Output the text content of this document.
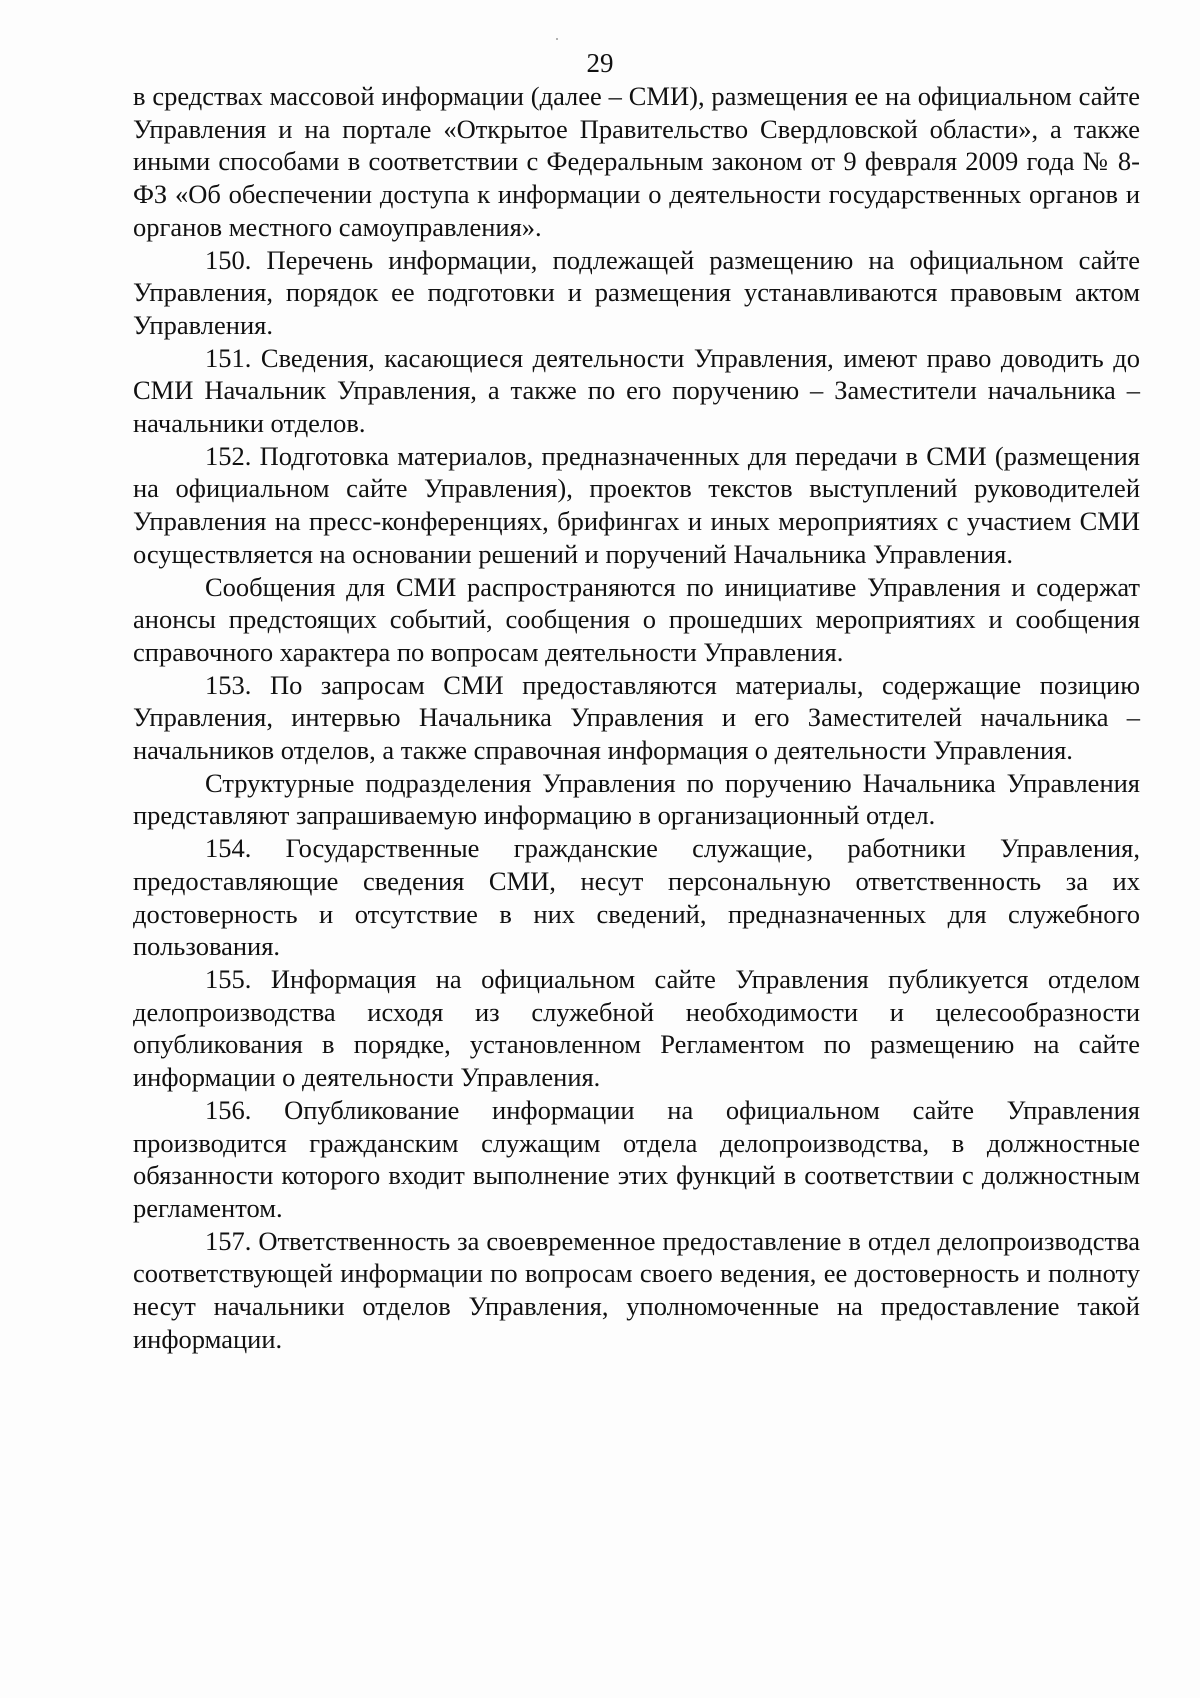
29

в средствах массовой информации (далее – СМИ), размещения ее на официальном сайте Управления и на портале «Открытое Правительство Свердловской области», а также иными способами в соответствии с Федеральным законом от 9 февраля 2009 года № 8-ФЗ «Об обеспечении доступа к информации о деятельности государственных органов и органов местного самоуправления».

150. Перечень информации, подлежащей размещению на официальном сайте Управления, порядок ее подготовки и размещения устанавливаются правовым актом Управления.

151. Сведения, касающиеся деятельности Управления, имеют право доводить до СМИ Начальник Управления, а также по его поручению – Заместители начальника – начальники отделов.

152. Подготовка материалов, предназначенных для передачи в СМИ (размещения на официальном сайте Управления), проектов текстов выступлений руководителей Управления на пресс-конференциях, брифингах и иных мероприятиях с участием СМИ осуществляется на основании решений и поручений Начальника Управления.

Сообщения для СМИ распространяются по инициативе Управления и содержат анонсы предстоящих событий, сообщения о прошедших мероприятиях и сообщения справочного характера по вопросам деятельности Управления.

153. По запросам СМИ предоставляются материалы, содержащие позицию Управления, интервью Начальника Управления и его Заместителей начальника – начальников отделов, а также справочная информация о деятельности Управления.

Структурные подразделения Управления по поручению Начальника Управления представляют запрашиваемую информацию в организационный отдел.

154. Государственные гражданские служащие, работники Управления, предоставляющие сведения СМИ, несут персональную ответственность за их достоверность и отсутствие в них сведений, предназначенных для служебного пользования.

155. Информация на официальном сайте Управления публикуется отделом делопроизводства исходя из служебной необходимости и целесообразности опубликования в порядке, установленном Регламентом по размещению на сайте информации о деятельности Управления.

156. Опубликование информации на официальном сайте Управления производится гражданским служащим отдела делопроизводства, в должностные обязанности которого входит выполнение этих функций в соответствии с должностным регламентом.

157. Ответственность за своевременное предоставление в отдел делопроизводства соответствующей информации по вопросам своего ведения, ее достоверность и полноту несут начальники отделов Управления, уполномоченные на предоставление такой информации.
